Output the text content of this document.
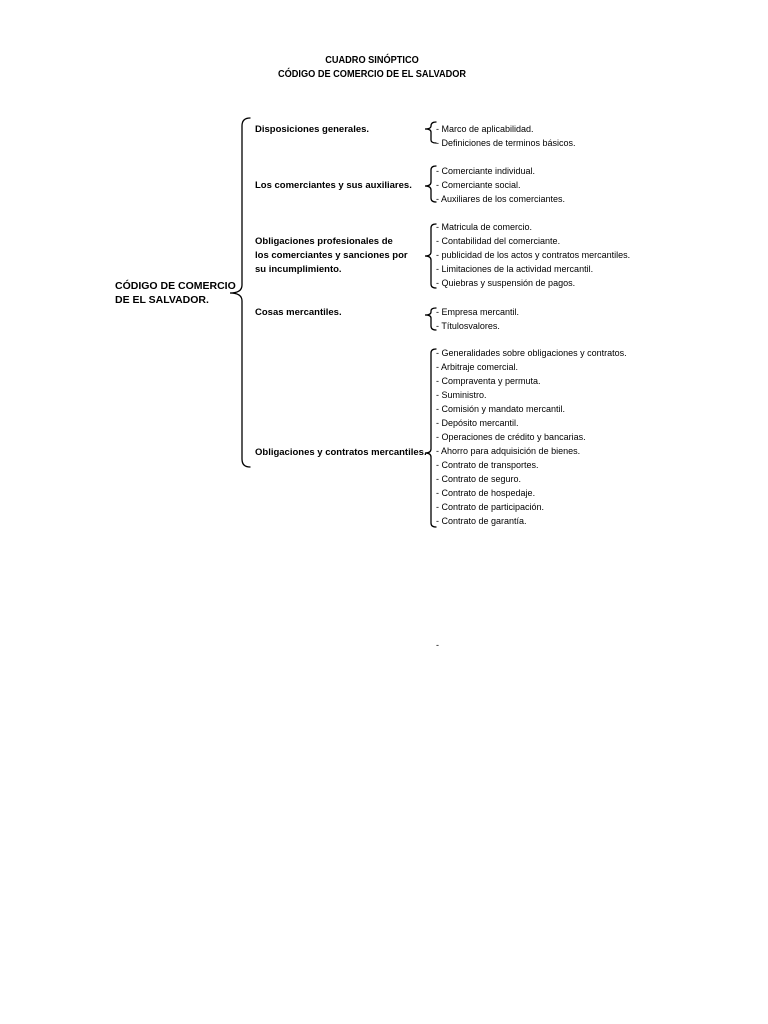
CUADRO SINÓPTICO
CÓDIGO DE COMERCIO DE EL SALVADOR
CÓDIGO DE COMERCIO
DE EL SALVADOR.
Disposiciones generales.
Los comerciantes y sus auxiliares.
Obligaciones profesionales de
los comerciantes y sanciones por
su incumplimiento.
Cosas mercantiles.
Obligaciones y contratos mercantiles.
- Marco de aplicabilidad.
- Definiciones de terminos básicos.
- Comerciante individual.
- Comerciante social.
- Auxiliares de los comerciantes.
- Matricula de comercio.
- Contabilidad del comerciante.
- publicidad de los actos y contratos mercantiles.
- Limitaciones de la actividad mercantil.
- Quiebras y suspensión de pagos.
- Empresa mercantil.
- Títulosvalores.
- Generalidades sobre obligaciones y contratos.
- Arbitraje comercial.
- Compraventa y permuta.
- Suministro.
- Comisión y mandato mercantil.
- Depósito mercantil.
- Operaciones de crédito y bancarias.
- Ahorro para adquisición de bienes.
- Contrato de transportes.
- Contrato de seguro.
- Contrato de hospedaje.
- Contrato de participación.
- Contrato de garantía.
-
